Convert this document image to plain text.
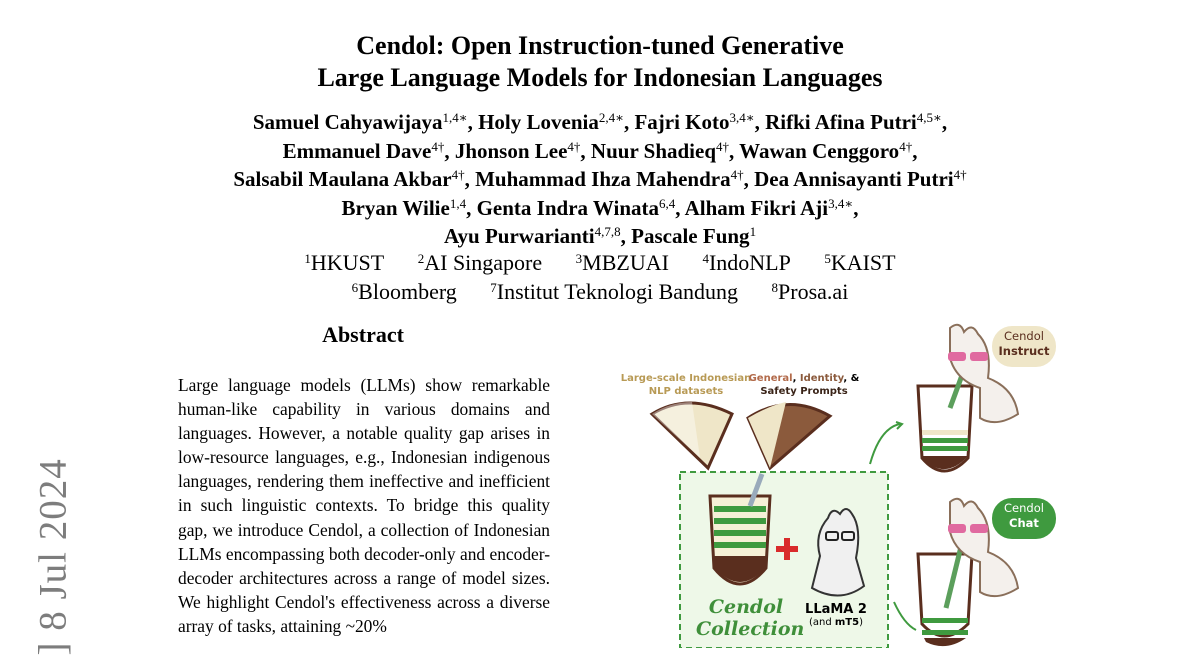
Cendol: Open Instruction-tuned Generative
Large Language Models for Indonesian Languages
Samuel Cahyawijaya$^{1,4∗}$, Holy Lovenia$^{2,4∗}$, Fajri Koto$^{3,4∗}$, Rifki Afina Putri$^{4,5∗}$,
Emmanuel Dave$^{4\dagger}$, Jhonson Lee$^{4\dagger}$, Nuur Shadieq$^{4\dagger}$, Wawan Cenggoro$^{4\dagger}$,
Salsabil Maulana Akbar$^{4\dagger}$, Muhammad Ihza Mahendra$^{4\dagger}$, Dea Annisayanti Putri$^{4\dagger}$
Bryan Wilie$^{1,4}$, Genta Indra Winata$^{6,4}$, Alham Fikri Aji$^{3,4∗}$,
Ayu Purwarianti$^{4,7,8}$, Pascale Fung$^1$
$^1$HKUST	$^2$AI Singapore	$^3$MBZUAI	$^4$IndoNLP	$^5$KAIST
$^6$Bloomberg	$^7$Institut Teknologi Bandung	$^8$Prosa.ai
Abstract
Large language models (LLMs) show remarkable human-like capability in various domains and languages. However, a notable quality gap arises in low-resource languages, e.g., Indonesian indigenous languages, rendering them ineffective and inefficient in such linguistic contexts. To bridge this quality gap, we introduce Cendol, a collection of Indonesian LLMs encompassing both decoder-only and encoder-decoder architectures across a range of model sizes. We highlight Cendol's effectiveness across a diverse array of tasks, attaining ~20%
] 8 Jul 2024
Large-scale Indonesian
NLP datasets
General, Identity, &
Safety Prompts
Cendol
Collection
LLaMA 2
(and mT5)
Cendol
Instruct
Cendol
Chat
